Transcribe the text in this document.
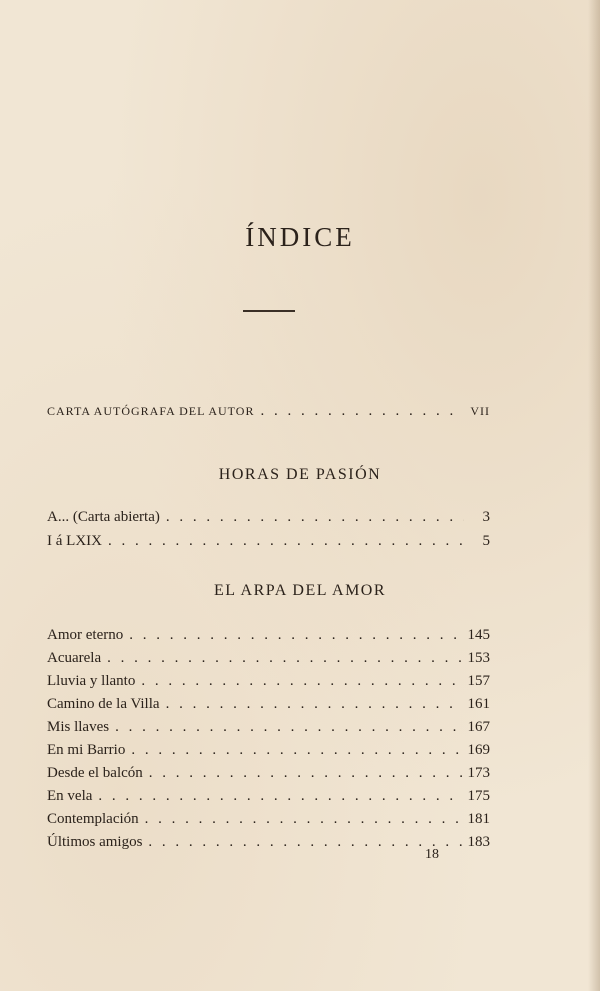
ÍNDICE
CARTA AUTÓGRAFA DEL AUTOR . . .	VII
HORAS DE PASIÓN
A... (Carta abierta) . . .	3
I á LXIX . . .	5
EL ARPA DEL AMOR
Amor eterno . . .	145
Acuarela . . .	153
Lluvia y llanto . . .	157
Camino de la Villa . . .	161
Mis llaves . . .	167
En mi Barrio . . .	169
Desde el balcón . . .	173
En vela . . .	175
Contemplación . . .	181
Últimos amigos . . .	183
18
